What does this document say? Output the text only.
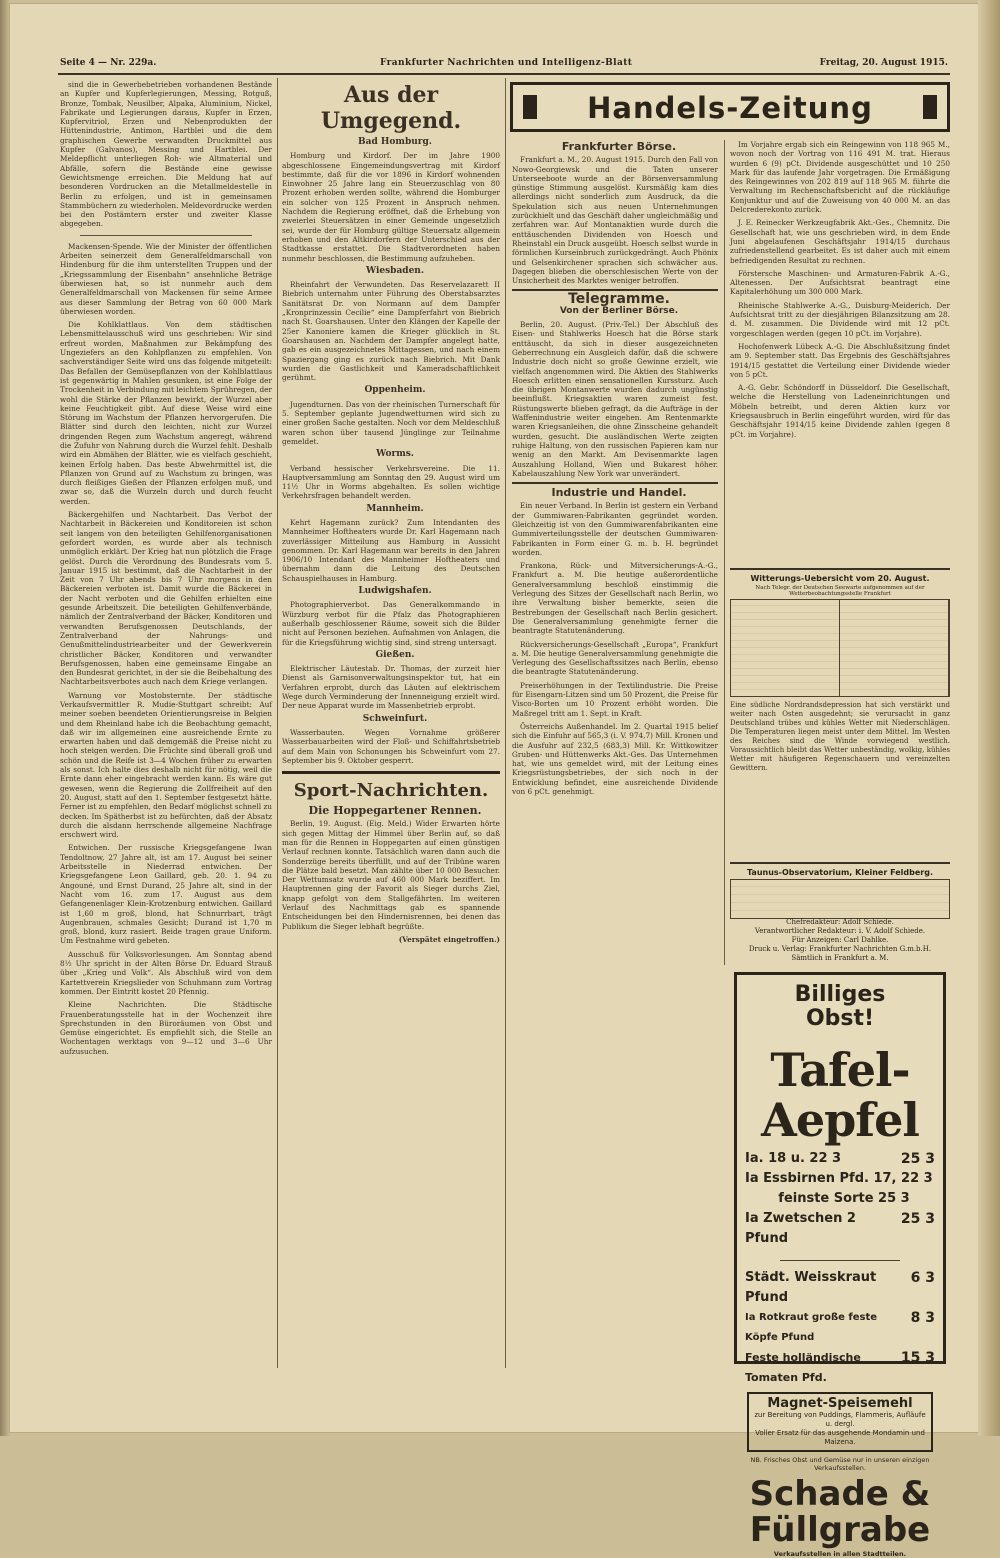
Seite 4 — Nr. 229a.	Frankfurter Nachrichten und Intelligenz-Blatt	Freitag, 20. August 1915.

sind die in Gewerbebetrieben vorhandenen Bestände an Kupfer und Kupferlegierungen, Messing, Rotguß, Bronze, Tombak, Neusilber, Alpaka, Aluminium, Nickel, Fabrikate und Legierungen daraus, Kupfer in Erzen, Kupfervitriol, Erzen und Nebenprodukten der Hüttenindustrie, Antimon, Hartblei und die dem graphischen Gewerbe verwandten Druckmittel aus Kupfer (Galvanos), Messing und Hartblei. Der Meldepflicht unterliegen Roh- wie Altmaterial und Abfälle, sofern die Bestände eine gewisse Gewichtsmenge erreichen. Die Meldung hat auf besonderen Vordrucken an die Metallmeldestelle in Berlin zu erfolgen, und ist in gemeinsamen Stammbüchern zu wiederholen. Meldevordrucke werden bei den Postämtern erster und zweiter Klasse abgegeben.

Mackensen-Spende. Wie der Minister der öffentlichen Arbeiten seinerzeit dem Generalfeldmarschall von Hindenburg für die ihm unterstellten Truppen und der „Kriegssammlung der Eisenbahn“ ansehnliche Beträge überwiesen hat, so ist nunmehr auch dem Generalfeldmarschall von Mackensen für seine Armee aus dieser Sammlung der Betrag von 60 000 Mark überwiesen worden.

Die Kohlklattlaus. Von dem städtischen Lebensmittelausschuß wird uns geschrieben: Wir sind erfreut worden, Maßnahmen zur Bekämpfung des Ungeziefers an den Kohlpflanzen zu empfehlen. Von sachverständiger Seite wird uns das folgende mitgeteilt: Das Befallen der Gemüsepflanzen von der Kohlblattlaus ist gegenwärtig in Mahlen gesunken, ist eine Folge der Trockenheit in Verbindung mit leichtem Sprühregen, der wohl die Stärke der Pflanzen bewirkt, der Wurzel aber keine Feuchtigkeit gibt. Auf diese Weise wird eine Störung im Wachstum der Pflanzen hervorgerufen. Die Blätter sind durch den leichten, nicht zur Wurzel dringenden Regen zum Wachstum angeregt, während die Zufuhr von Nahrung durch die Wurzel fehlt. Deshalb wird ein Abmähen der Blätter, wie es vielfach geschieht, keinen Erfolg haben. Das beste Abwehrmittel ist, die Pflanzen von Grund auf zu Wachstum zu bringen, was durch fleißiges Gießen der Pflanzen erfolgen muß, und zwar so, daß die Wurzeln durch und durch feucht werden.

Bäckergehilfen und Nachtarbeit. Das Verbot der Nachtarbeit in Bäckereien und Konditoreien ist schon seit langem von den beteiligten Gehilfenorganisationen gefordert worden, es wurde aber als technisch unmöglich erklärt. Der Krieg hat nun plötzlich die Frage gelöst. Durch die Verordnung des Bundesrats vom 5. Januar 1915 ist bestimmt, daß die Nachtarbeit in der Zeit von 7 Uhr abends bis 7 Uhr morgens in den Bäckereien verboten ist. Damit wurde die Bäckerei in der Nacht verboten und die Gehilfen erhielten eine gesunde Arbeitszeit. Die beteiligten Gehilfenverbände, nämlich der Zentralverband der Bäcker, Konditoren und verwandten Berufsgenossen Deutschlands, der Zentralverband der Nahrungs- und Genußmittelindustriearbeiter und der Gewerkverein christlicher Bäcker, Konditoren und verwandter Berufsgenossen, haben eine gemeinsame Eingabe an den Bundesrat gerichtet, in der sie die Beibehaltung des Nachtarbeitsverbotes auch nach dem Kriege verlangen.

Warnung vor Mostobsternte. Der städtische Verkaufsvermittler R. Mudie-Stuttgart schreibt: Auf meiner soeben beendeten Orientierungsreise in Belgien und dem Rheinland habe ich die Beobachtung gemacht, daß wir im allgemeinen eine ausreichende Ernte zu erwarten haben und daß demgemäß die Preise nicht zu hoch steigen werden. Die Früchte sind überall groß und schön und die Reife ist 3—4 Wochen früher zu erwarten als sonst. Ich halte dies deshalb nicht für nötig, weil die Ernte dann eher eingebracht werden kann. Es wäre gut gewesen, wenn die Regierung die Zollfreiheit auf den 20. August, statt auf den 1. September festgesetzt hätte. Ferner ist zu empfehlen, den Bedarf möglichst schnell zu decken. Im Spätherbst ist zu befürchten, daß der Absatz durch die alsdann herrschende allgemeine Nachfrage erschwert wird.

Entwichen. Der russische Kriegsgefangene Iwan Tendoltnow, 27 Jahre alt, ist am 17. August bei seiner Arbeitsstelle in Niederrad entwichen. Der Kriegsgefangene Leon Gaillard, geb. 20. 1. 94 zu Angouné, und Ernst Durand, 25 Jahre alt, sind in der Nacht vom 16. zum 17. August aus dem Gefangenenlager Klein-Krotzenburg entwichen. Gaillard ist 1,60 m groß, blond, hat Schnurrbart, trägt Augenbrauen, schmales Gesicht; Durand ist 1,70 m groß, blond, kurz rasiert. Beide tragen graue Uniform. Um Festnahme wird gebeten.

Ausschuß für Volksvorlesungen. Am Sonntag abend 8½ Uhr spricht in der Alten Börse Dr. Eduard Strauß über „Krieg und Volk“. Als Abschluß wird von dem Kartettverein Kriegslieder von Schuhmann zum Vortrag kommen. Der Eintritt kostet 20 Pfennig.

Kleine Nachrichten. Die Städtische Frauenberatungsstelle hat in der Wochenzeit ihre Sprechstunden in den Büroräumen von Obst und Gemüse eingerichtet. Es empfiehlt sich, die Stelle an Wochentagen werktags von 9—12 und 3—6 Uhr aufzusuchen.

Aus der Umgegend.

Bad Homburg.

Homburg und Kirdorf. Der im Jahre 1900 abgeschlossene Eingemeindungsvertrag mit Kirdorf bestimmte, daß für die vor 1896 in Kirdorf wohnenden Einwohner 25 Jahre lang ein Steuerzuschlag von 80 Prozent erhoben werden sollte, während die Homburger ein solcher von 125 Prozent in Anspruch nehmen. Nachdem die Regierung eröffnet, daß die Erhebung von zweierlei Steuersätzen in einer Gemeinde ungesetzlich sei, wurde der für Homburg gültige Steuersatz allgemein erhoben und den Altkirdorfern der Unterschied aus der Stadtkasse erstattet. Die Stadtverordneten haben nunmehr beschlossen, die Bestimmung aufzuheben.

Wiesbaden.

Rheinfahrt der Verwundeten. Das Reservelazarett II Biebrich unternahm unter Führung des Oberstabsarztes Sanitätsrat Dr. von Normann auf dem Dampfer „Kronprinzessin Cecilie“ eine Dampferfahrt von Biebrich nach St. Goarshausen. Unter den Klängen der Kapelle der 25er Kanoniere kamen die Krieger glücklich in St. Goarshausen an. Nachdem der Dampfer angelegt hatte, gab es ein ausgezeichnetes Mittagessen, und nach einem Spaziergang ging es zurück nach Biebrich. Mit Dank wurden die Gastlichkeit und Kameradschaftlichkeit gerühmt.

Oppenheim.

Jugendturnen. Das von der rheinischen Turnerschaft für 5. September geplante Jugendwetturnen wird sich zu einer großen Sache gestalten. Noch vor dem Meldeschluß waren schon über tausend Jünglinge zur Teilnahme gemeldet.

Worms.

Verband hessischer Verkehrsvereine. Die 11. Hauptversammlung am Sonntag den 29. August wird um 11½ Uhr in Worms abgehalten. Es sollen wichtige Verkehrsfragen behandelt werden.

Mannheim.

Kehrt Hagemann zurück? Zum Intendanten des Mannheimer Hoftheaters wurde Dr. Karl Hagemann nach zuverlässiger Mitteilung aus Hamburg in Aussicht genommen. Dr. Karl Hagemann war bereits in den Jahren 1906/10 Intendant des Mannheimer Hoftheaters und übernahm dann die Leitung des Deutschen Schauspielhauses in Hamburg.

Ludwigshafen.

Photographierverbot. Das Generalkommando in Würzburg verbot für die Pfalz das Photographieren außerhalb geschlossener Räume, soweit sich die Bilder nicht auf Personen beziehen. Aufnahmen von Anlagen, die für die Kriegsführung wichtig sind, sind streng untersagt.

Gießen.

Elektrischer Läutestab. Dr. Thomas, der zurzeit hier Dienst als Garnisonverwaltungsinspektor tut, hat ein Verfahren erprobt, durch das Läuten auf elektrischem Wege durch Verminderung der Innenneigung erzielt wird. Der neue Apparat wurde im Massenbetrieb erprobt.

Schweinfurt.

Wasserbauten. Wegen Vornahme größerer Wasserbauarbeiten wird der Floß- und Schiffahrtsbetrieb auf dem Main von Schonungen bis Schweinfurt vom 27. September bis 9. Oktober gesperrt.

Sport-Nachrichten.

Die Hoppegartener Rennen.

Berlin, 19. August. (Eig. Meld.) Wider Erwarten hörte sich gegen Mittag der Himmel über Berlin auf, so daß man für die Rennen in Hoppegarten auf einen günstigen Verlauf rechnen konnte. Tatsächlich waren dann auch die Sonderzüge bereits überfüllt, und auf der Tribüne waren die Plätze bald besetzt. Man zählte über 10 000 Besucher. Der Wettumsatz wurde auf 460 000 Mark beziffert. Im Hauptrennen ging der Favorit als Sieger durchs Ziel, knapp gefolgt von dem Stallgefährten. Im weiteren Verlauf des Nachmittags gab es spannende Entscheidungen bei den Hindernisrennen, bei denen das Publikum die Sieger lebhaft begrüßte.

(Verspätet eingetroffen.)

Handels-Zeitung

Frankfurter Börse.

Frankfurt a. M., 20. August 1915. Durch den Fall von Nowo-Georgiewsk und die Taten unserer Unterseeboote wurde an der Börsenversammlung günstige Stimmung ausgelöst. Kursmäßig kam dies allerdings nicht sonderlich zum Ausdruck, da die Spekulation sich aus neuen Unternehmungen zurückhielt und das Geschäft daher ungleichmäßig und zerfahren war. Auf Montanaktien wurde durch die enttäuschenden Dividenden von Hoesch und Rheinstahl ein Druck ausgeübt. Hoesch selbst wurde in förmlichen Kurseinbruch zurückgedrängt. Auch Phönix und Gelsenkirchener sprachen sich schwächer aus. Dagegen blieben die oberschlesischen Werte von der Unsicherheit des Marktes weniger betroffen.

Telegramme.

Von der Berliner Börse.

Berlin, 20. August. (Priv.-Tel.) Der Abschluß des Eisen- und Stahlwerks Hoesch hat die Börse stark enttäuscht, da sich in dieser ausgezeichneten Geberrechnung ein Ausgleich dafür, daß die schwere Industrie doch nicht so große Gewinne erzielt, wie vielfach angenommen wird. Die Aktien des Stahlwerks Hoesch erlitten einen sensationellen Kurssturz. Auch die übrigen Montanwerte wurden dadurch ungünstig beeinflußt. Kriegsaktien waren zumeist fest. Rüstungswerte blieben gefragt, da die Aufträge in der Waffenindustrie weiter eingehen. Am Rentenmarkte waren Kriegsanleihen, die ohne Zinsscheine gehandelt wurden, gesucht. Die ausländischen Werte zeigten ruhige Haltung, von den russischen Papieren kam nur wenig an den Markt. Am Devisenmarkte lagen Auszahlung Holland, Wien und Bukarest höher. Kabelauszahlung New York war unverändert.

Industrie und Handel.

Ein neuer Verband. In Berlin ist gestern ein Verband der Gummiwaren-Fabrikanten gegründet worden. Gleichzeitig ist von den Gummiwarenfabrikanten eine Gummiverteilungsstelle der deutschen Gummiwaren-Fabrikanten in Form einer G. m. b. H. begründet worden.

Frankona, Rück- und Mitversicherungs-A.-G., Frankfurt a. M. Die heutige außerordentliche Generalversammlung beschloß einstimmig die Verlegung des Sitzes der Gesellschaft nach Berlin, wo ihre Verwaltung bisher bemerkte, seien die Bestrebungen der Gesellschaft nach Berlin gesichert. Die Generalversammlung genehmigte ferner die beantragte Statutenänderung.

Rückversicherungs-Gesellschaft „Europa“, Frankfurt a. M. Die heutige Generalversammlung genehmigte die Verlegung des Gesellschaftssitzes nach Berlin, ebenso die beantragte Statutenänderung.

Preiserhöhungen in der Textilindustrie. Die Preise für Eisengarn-Litzen sind um 50 Prozent, die Preise für Visco-Borten um 10 Prozent erhöht worden. Die Maßregel tritt am 1. Sept. in Kraft.

Österreichs Außenhandel. Im 2. Quartal 1915 belief sich die Einfuhr auf 565,3 (i. V. 974,7) Mill. Kronen und die Ausfuhr auf 232,5 (683,3) Mill. Kr. Wittkowitzer Gruben- und Hüttenwerks Akt.-Ges. Das Unternehmen hat, wie uns gemeldet wird, mit der Leitung eines Kriegsrüstungsbetriebes, der sich noch in der Entwicklung befindet, eine ausreichende Dividende von 6 pCt. genehmigt.

Im Vorjahre ergab sich ein Reingewinn von 118 965 M., wovon noch der Vortrag von 116 491 M. trat. Hieraus wurden 6 (9) pCt. Dividende ausgeschüttet und 10 250 Mark für das laufende Jahr vorgetragen. Die Ermäßigung des Reingewinnes von 202 819 auf 118 965 M. führte die Verwaltung im Rechenschaftsbericht auf die rückläufige Konjunktur und auf die Zuweisung von 40 000 M. an das Delcrederekonto zurück.

J. E. Reinecker Werkzeugfabrik Akt.-Ges., Chemnitz. Die Gesellschaft hat, wie uns geschrieben wird, in dem Ende Juni abgelaufenen Geschäftsjahr 1914/15 durchaus zufriedenstellend gearbeitet. Es ist daher auch mit einem befriedigenden Resultat zu rechnen.

Förstersche Maschinen- und Armaturen-Fabrik A.-G., Altenessen. Der Aufsichtsrat beantragt eine Kapitalerhöhung um 300 000 Mark.

Rheinische Stahlwerke A.-G., Duisburg-Meiderich. Der Aufsichtsrat tritt zu der diesjährigen Bilanzsitzung am 28. d. M. zusammen. Die Dividende wird mit 12 pCt. vorgeschlagen werden (gegen 10 pCt. im Vorjahre).

Hochofenwerk Lübeck A.-G. Die Abschlußsitzung findet am 9. September statt. Das Ergebnis des Geschäftsjahres 1914/15 gestattet die Verteilung einer Dividende wieder von 5 pCt.

A.-G. Gebr. Schöndorff in Düsseldorf. Die Gesellschaft, welche die Herstellung von Ladeneinrichtungen und Möbeln betreibt, und deren Aktien kurz vor Kriegsausbruch in Berlin eingeführt wurden, wird für das Geschäftsjahr 1914/15 keine Dividende zahlen (gegen 8 pCt. im Vorjahre).

Witterungs-Uebersicht vom 20. August.
Nach Telegr. der Deutschen Seewarte aufgenommen auf der Wetterbeobachtungsstelle Frankfurt
Eine südliche Nordrandsdepression hat sich verstärkt und weiter nach Osten ausgedehnt; sie verursacht in ganz Deutschland trübes und kühles Wetter mit Niederschlägen. Die Temperaturen liegen meist unter dem Mittel. Im Westen des Reiches sind die Winde vorwiegend westlich. Voraussichtlich bleibt das Wetter unbeständig, wolkig, kühles Wetter mit häufigeren Regenschauern und vereinzelten Gewittern.
Taunus-Observatorium, Kleiner Feldberg.
Chefredakteur: Adolf Schiede.
Verantwortlicher Redakteur: i. V. Adolf Schiede.
Für Anzeigen: Carl Dahlke.
Druck u. Verlag: Frankfurter Nachrichten G.m.b.H.
Sämtlich in Frankfurt a. M.
Billiges
Obst!
Tafel-Aepfel
25 3
Ia. 18 u. 22 3
Ia Essbirnen Pfd. 17, 22 3
feinste Sorte 25 3
25 3
Ia Zwetschen 2 Pfund
6 3
Städt. Weisskraut Pfund
8 3
Ia Rotkraut große feste Köpfe Pfund
15 3
Feste holländische Tomaten Pfd.
Magnet-Speisemehl
zur Bereitung von Puddings, Flammeris, Aufläufe u. dergl.
Voller Ersatz für das ausgehende Mondamin und Maizena.
NB. Frisches Obst und Gemüse nur in unseren einzigen Verkaufsstellen.
Schade &
Füllgrabe
Verkaufsstellen in allen Stadtteilen.
